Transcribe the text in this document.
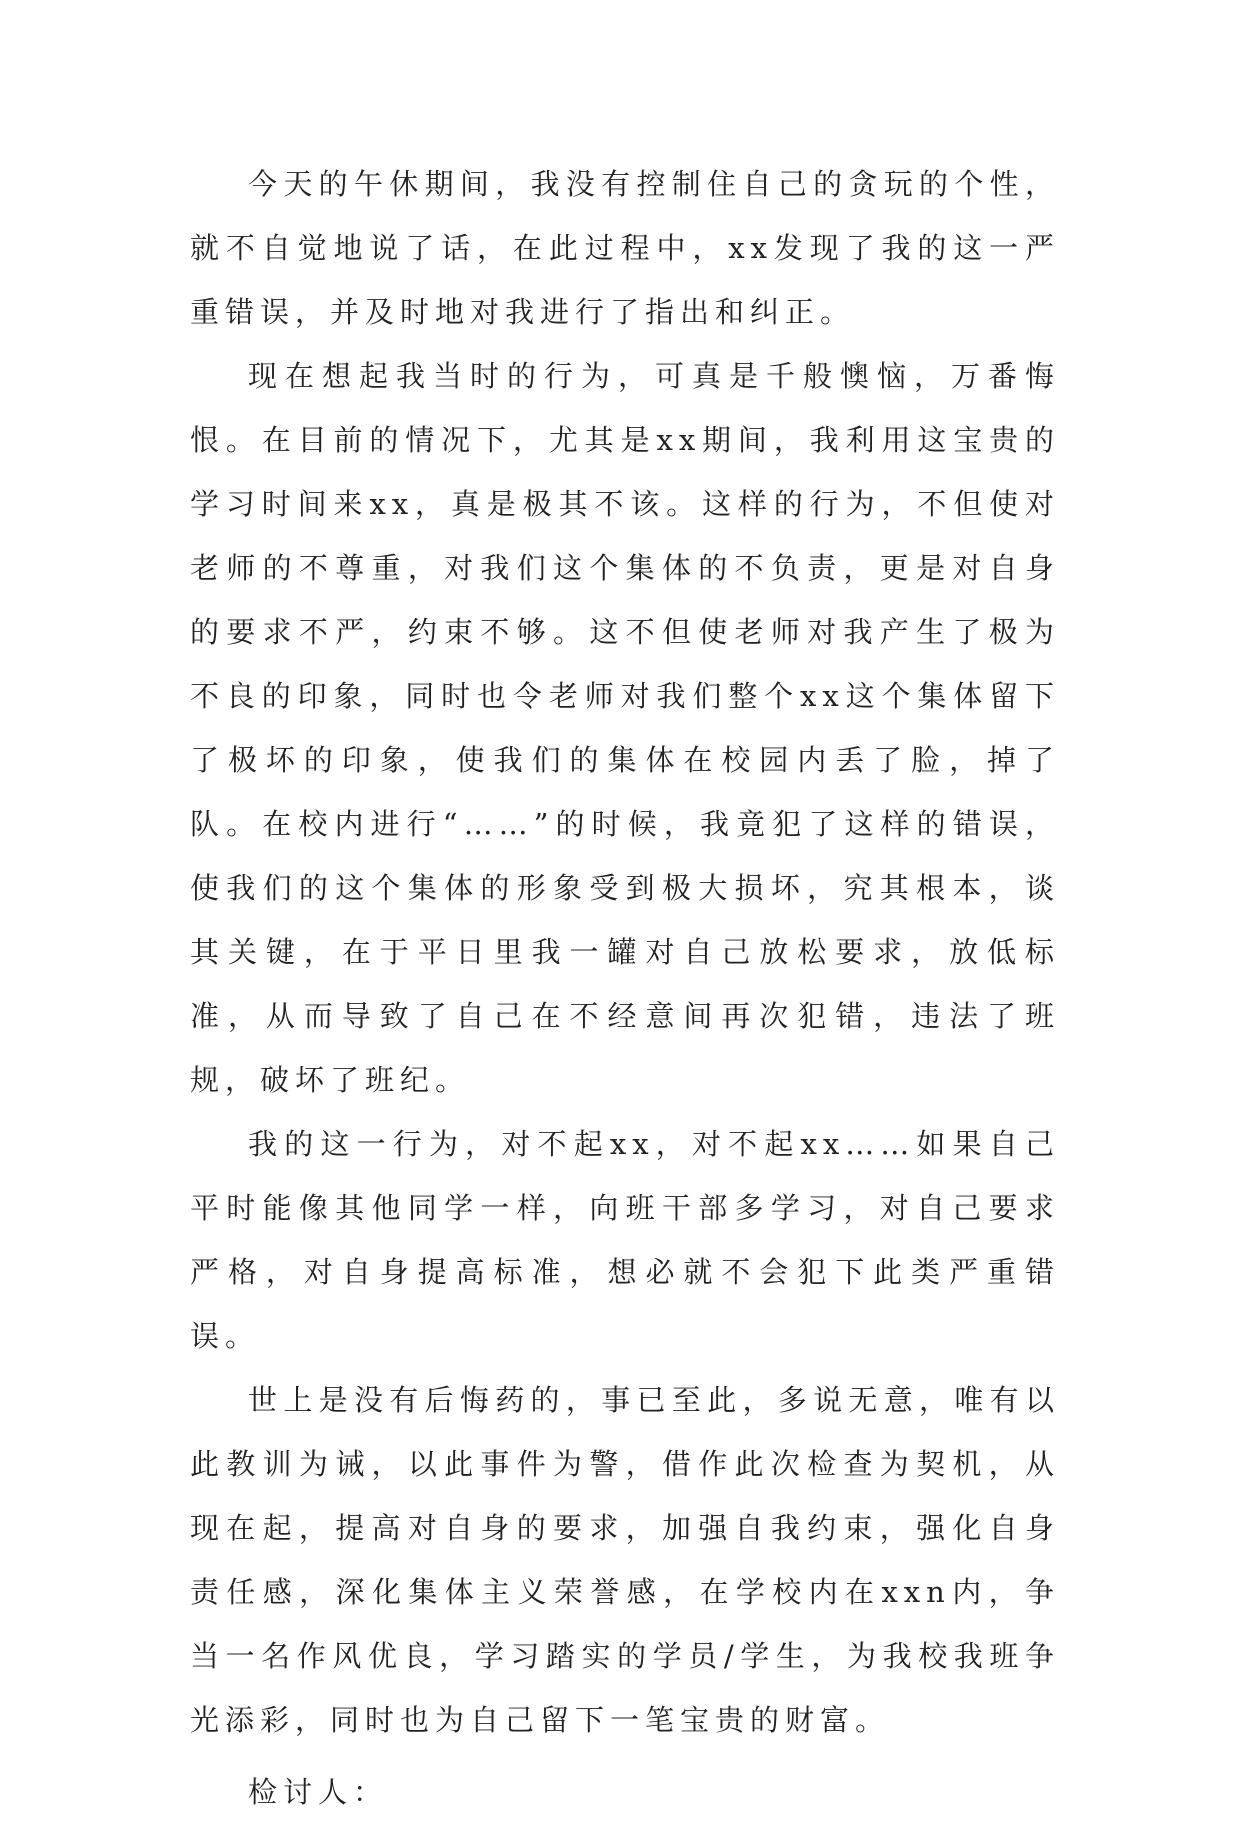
今天的午休期间，我没有控制住自己的贪玩的个性，就不自觉地说了话，在此过程中，xx发现了我的这一严重错误，并及时地对我进行了指出和纠正。

现在想起我当时的行为，可真是千般懊恼，万番悔恨。在目前的情况下，尤其是xx期间，我利用这宝贵的学习时间来xx，真是极其不该。这样的行为，不但使对老师的不尊重，对我们这个集体的不负责，更是对自身的要求不严，约束不够。这不但使老师对我产生了极为不良的印象，同时也令老师对我们整个xx这个集体留下了极坏的印象，使我们的集体在校园内丢了脸，掉了队。在校内进行“……”的时候，我竟犯了这样的错误，使我们的这个集体的形象受到极大损坏，究其根本，谈其关键，在于平日里我一罐对自己放松要求，放低标准，从而导致了自己在不经意间再次犯错，违法了班规，破坏了班纪。

我的这一行为，对不起xx，对不起xx……如果自己平时能像其他同学一样，向班干部多学习，对自己要求严格，对自身提高标准，想必就不会犯下此类严重错误。

世上是没有后悔药的，事已至此，多说无意，唯有以此教训为诫，以此事件为警，借作此次检查为契机，从现在起，提高对自身的要求，加强自我约束，强化自身责任感，深化集体主义荣誉感，在学校内在xxn内，争当一名作风优良，学习踏实的学员/学生，为我校我班争光添彩，同时也为自己留下一笔宝贵的财富。

检讨人：
